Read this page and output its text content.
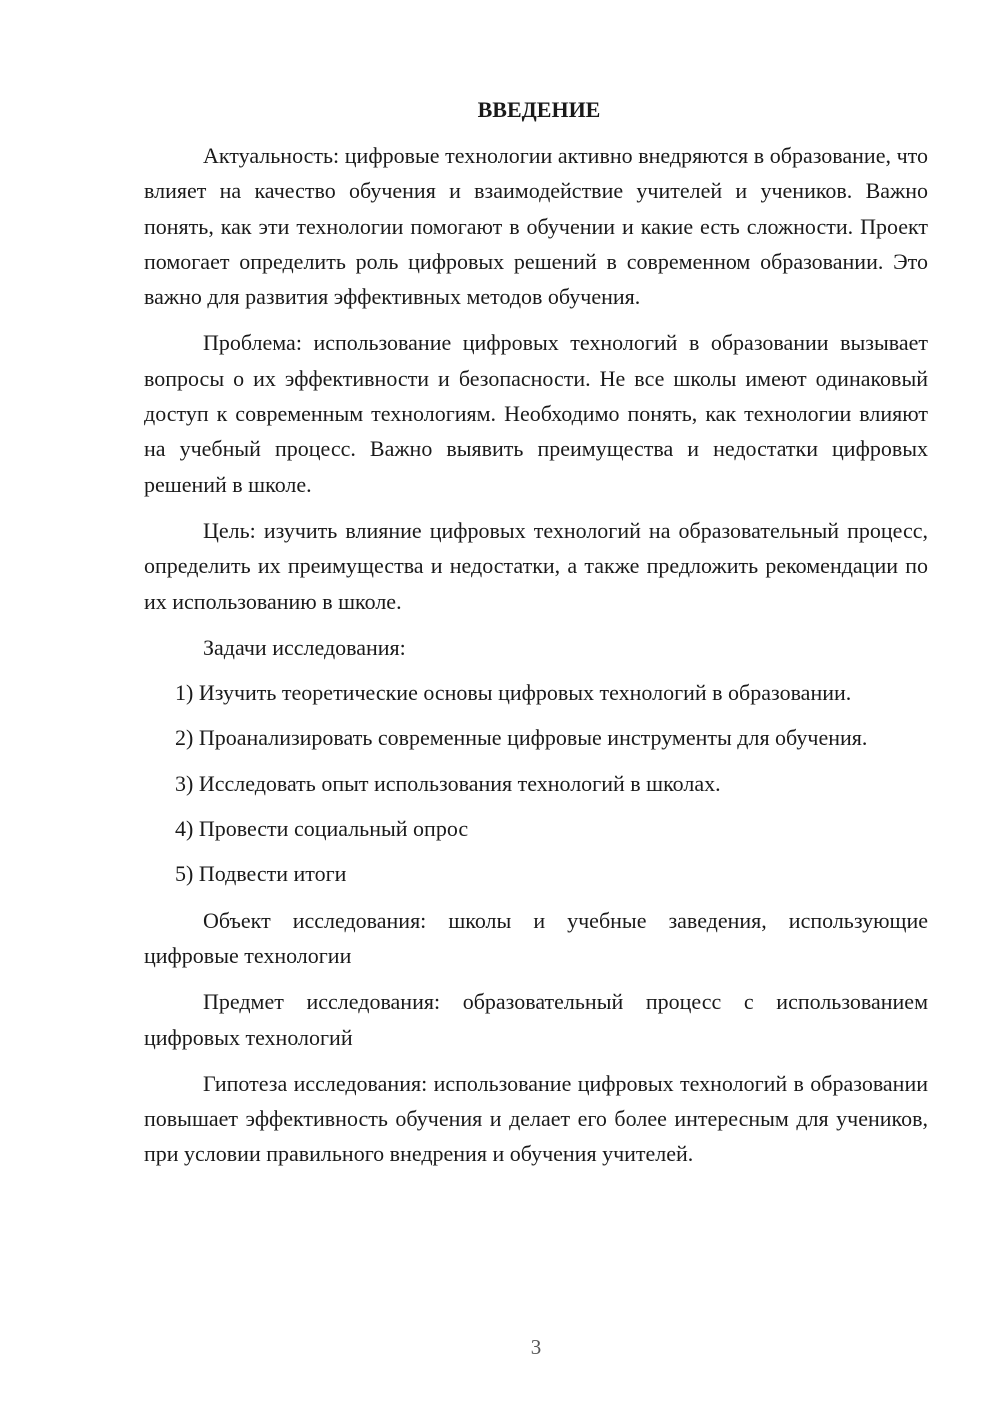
ВВЕДЕНИЕ

Актуальность: цифровые технологии активно внедряются в образование, что влияет на качество обучения и взаимодействие учителей и учеников. Важно понять, как эти технологии помогают в обучении и какие есть сложности. Проект помогает определить роль цифровых решений в современном образовании. Это важно для развития эффективных методов обучения.

Проблема: использование цифровых технологий в образовании вызывает вопросы о их эффективности и безопасности. Не все школы имеют одинаковый доступ к современным технологиям. Необходимо понять, как технологии влияют на учебный процесс. Важно выявить преимущества и недостатки цифровых решений в школе.

Цель: изучить влияние цифровых технологий на образовательный процесс, определить их преимущества и недостатки, а также предложить рекомендации по их использованию в школе.

Задачи исследования:

1) Изучить теоретические основы цифровых технологий в образовании.

2) Проанализировать современные цифровые инструменты для обучения.

3) Исследовать опыт использования технологий в школах.

4) Провести социальный опрос

5) Подвести итоги

Объект исследования: школы и учебные заведения, использующие цифровые технологии

Предмет исследования: образовательный процесс с использованием цифровых технологий

Гипотеза исследования: использование цифровых технологий в образовании повышает эффективность обучения и делает его более интересным для учеников, при условии правильного внедрения и обучения учителей.

3
